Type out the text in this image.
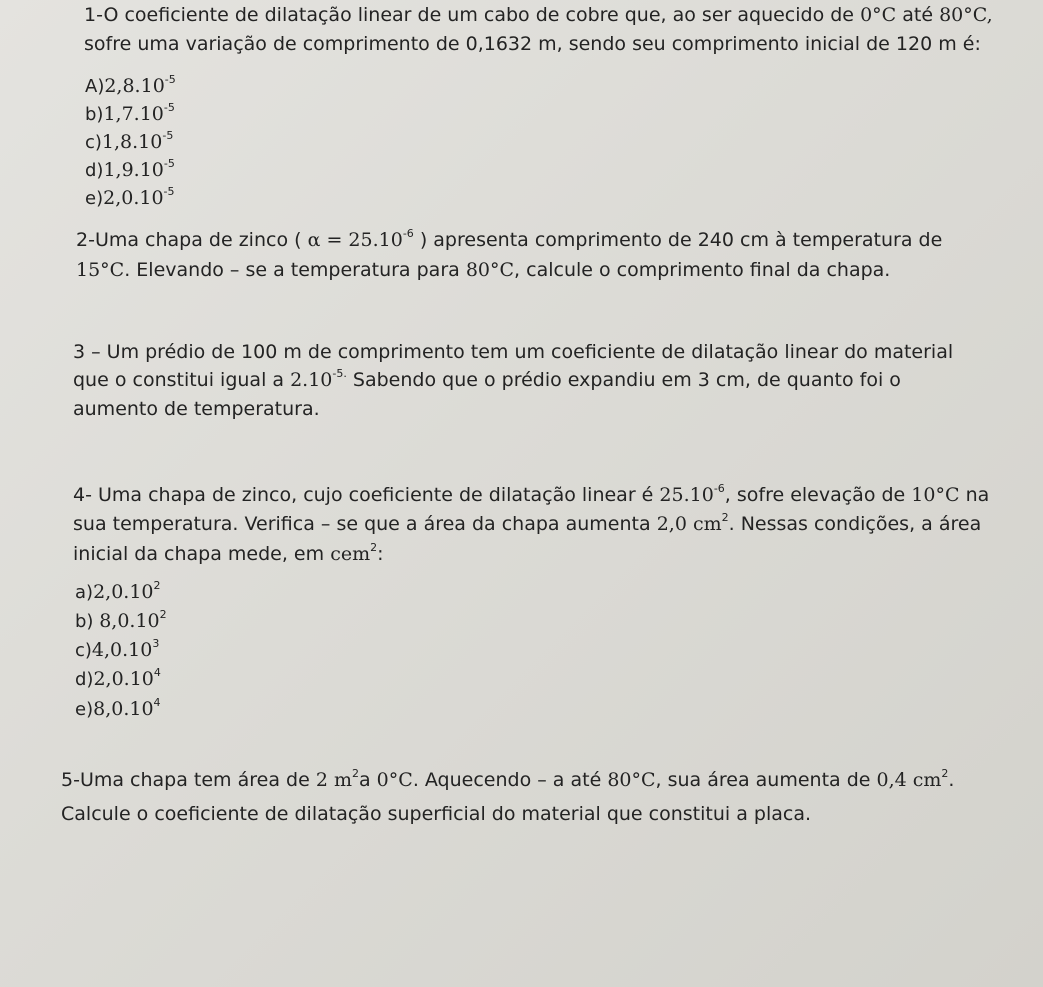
1-O coeficiente de dilatação linear de um cabo de cobre que, ao ser aquecido de 0°C até 80°C,
sofre uma variação de comprimento de 0,1632 m, sendo seu comprimento inicial de 120 m é:
$A)2,8.10^{-5}$
$b)1,7.10^{-5}$
$c)1,8.10^{-5}$
$d)1,9.10^{-5}$
$e)2,0.10^{-5}$
2-Uma chapa de zinco ( $\alpha = 25.10^{-6}$ ) apresenta comprimento de 240 cm à temperatura de
15°C. Elevando – se a temperatura para 80°C, calcule o comprimento final da chapa.
3 – Um prédio de 100 m de comprimento tem um coeficiente de dilatação linear do material
que o constitui igual a $2.10^{-5.}$ Sabendo que o prédio expandiu em 3 cm, de quanto foi o
aumento de temperatura.
4- Uma chapa de zinco, cujo coeficiente de dilatação linear é $25.10^{-6}$, sofre elevação de 10°C na
sua temperatura. Verifica – se que a área da chapa aumenta 2,0 $cm^2$. Nessas condições, a área
inicial da chapa mede, em cem$^2$:
a)2,0.10$^2$
b) 8,0.10$^2$
c)4,0.10$^3$
d)2,0.10$^4$
e)8,0.10$^4$
5-Uma chapa tem área de 2 $m^2a$ 0°C. Aquecendo – a até 80°C, sua área aumenta de 0,4 $cm^2$.
Calcule o coeficiente de dilatação superficial do material que constitui a placa.
